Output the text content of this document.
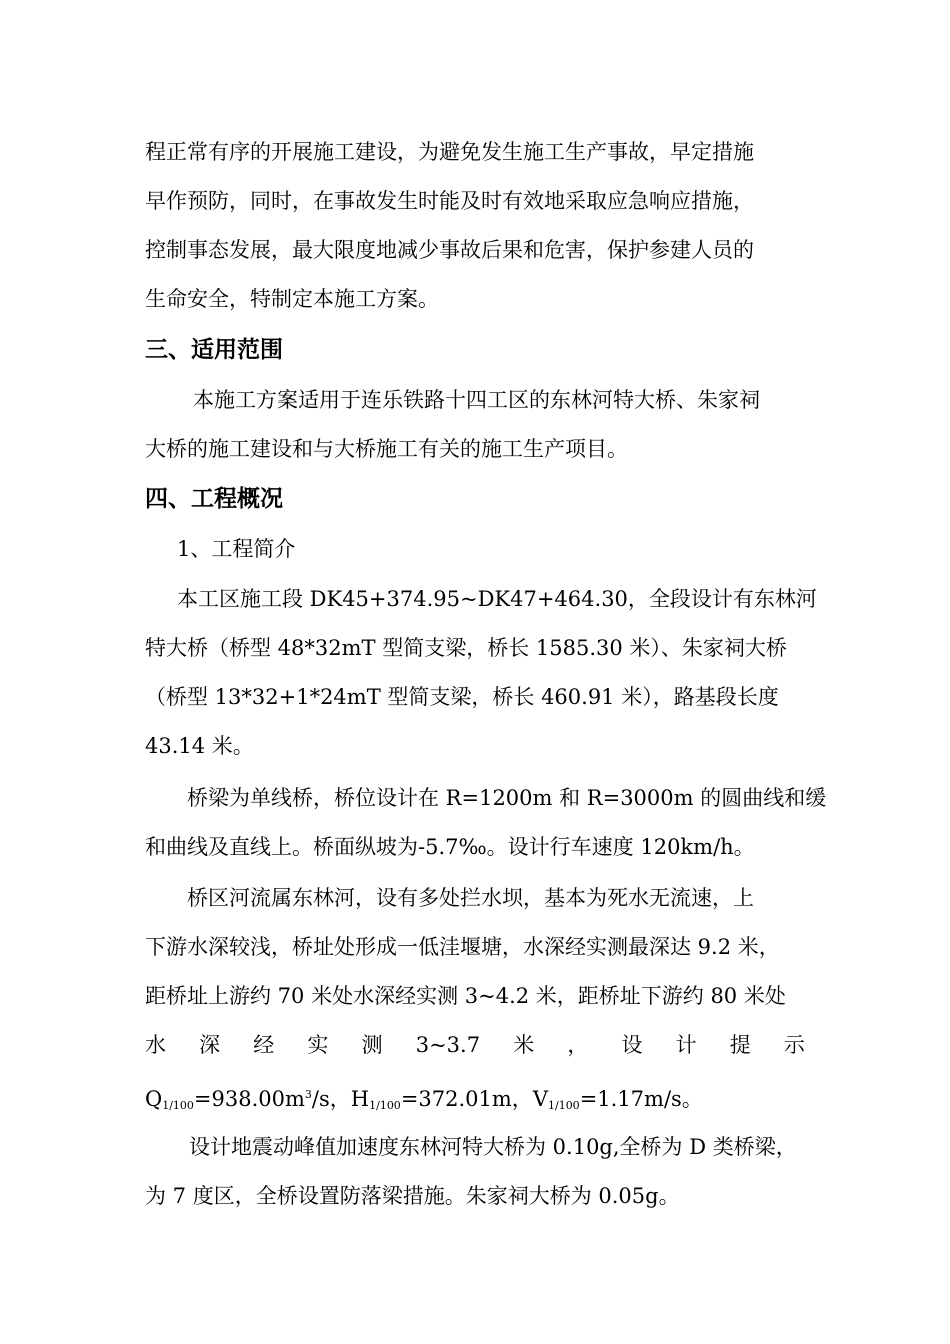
程正常有序的开展施工建设，为避免发生施工生产事故，早定措施
早作预防，同时，在事故发生时能及时有效地采取应急响应措施，
控制事态发展，最大限度地减少事故后果和危害，保护参建人员的
生命安全，特制定本施工方案。
三、适用范围
本施工方案适用于连乐铁路十四工区的东林河特大桥、朱家祠
大桥的施工建设和与大桥施工有关的施工生产项目。
四、工程概况
1、工程简介
本工区施工段 DK45+374.95~DK47+464.30，全段设计有东林河
特大桥（桥型 48*32mT 型简支梁，桥长 1585.30 米）、朱家祠大桥
（桥型 13*32+1*24mT 型简支梁，桥长 460.91 米），路基段长度
43.14 米。
桥梁为单线桥，桥位设计在 R=1200m 和 R=3000m 的圆曲线和缓
和曲线及直线上。桥面纵坡为-5.7‰。设计行车速度 120km/h。
桥区河流属东林河，设有多处拦水坝，基本为死水无流速，上
下游水深较浅，桥址处形成一低洼堰塘，水深经实测最深达 9.2 米，
距桥址上游约 70 米处水深经实测 3~4.2 米，距桥址下游约 80 米处
水 深 经 实 测 3~3.7 米 ， 设 计 提 示
$Q_{1/100}=938.00m^3/s$，$H_{1/100}=372.01m$，$V_{1/100}=1.17m/s$。
设计地震动峰值加速度东林河特大桥为 0.10g,全桥为 D 类桥梁，
为 7 度区，全桥设置防落梁措施。朱家祠大桥为 0.05g。
